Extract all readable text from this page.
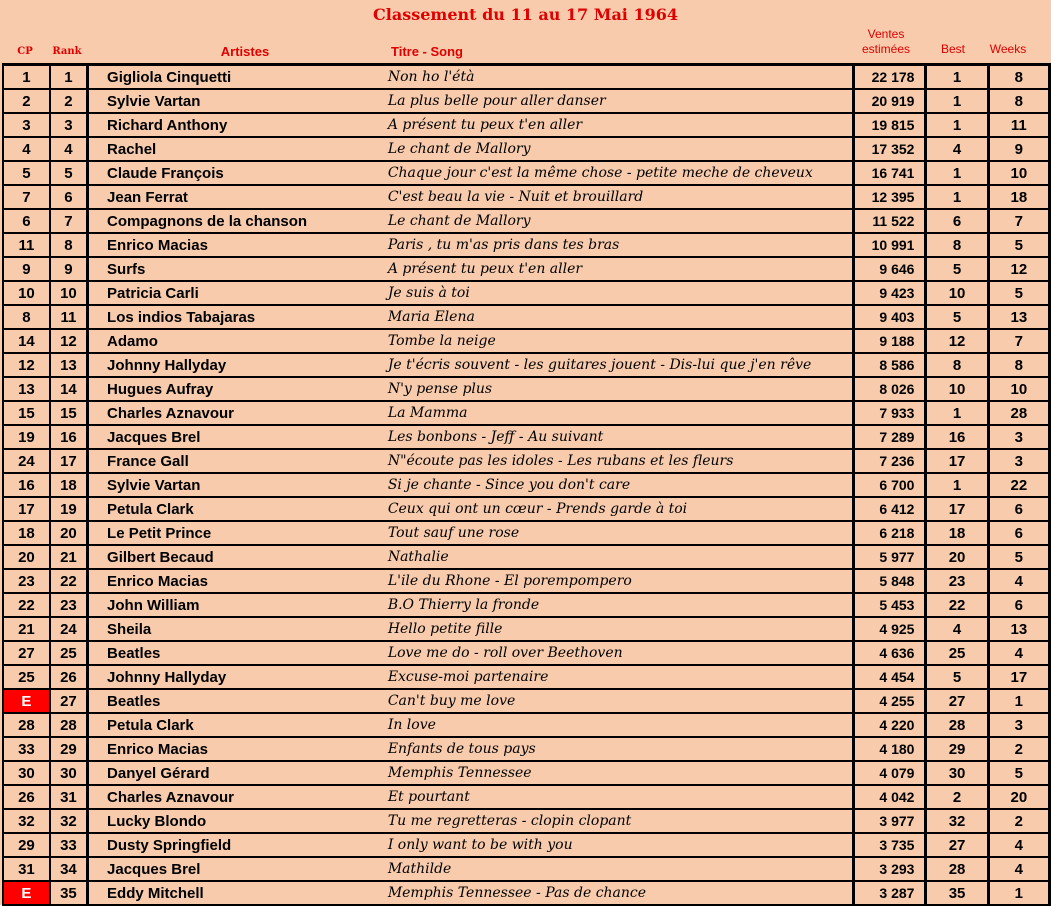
Classement du 11 au 17 Mai 1964
CP	Rank	Artistes	Titre - Song
Ventes
estimées	Best	Weeks
1	1	Gigliola Cinquetti	Non ho l'étà	22 178	1	8
2	2	Sylvie Vartan	La plus belle pour aller danser	20 919	1	8
3	3	Richard Anthony	A présent tu peux t'en aller	19 815	1	11
4	4	Rachel	Le chant de Mallory	17 352	4	9
5	5	Claude François	Chaque jour c'est la même chose - petite meche de cheveux	16 741	1	10
7	6	Jean Ferrat	C'est beau la vie - Nuit et brouillard	12 395	1	18
6	7	Compagnons de la chanson	Le chant de Mallory	11 522	6	7
11	8	Enrico Macias	Paris , tu m'as pris dans tes bras	10 991	8	5
9	9	Surfs	A présent tu peux t'en aller	9 646	5	12
10	10	Patricia Carli	Je suis à toi	9 423	10	5
8	11	Los indios Tabajaras	Maria Elena	9 403	5	13
14	12	Adamo	Tombe la neige	9 188	12	7
12	13	Johnny Hallyday	Je t'écris souvent - les guitares jouent - Dis-lui que j'en rêve	8 586	8	8
13	14	Hugues Aufray	N'y pense plus	8 026	10	10
15	15	Charles Aznavour	La Mamma	7 933	1	28
19	16	Jacques Brel	Les bonbons - Jeff - Au suivant	7 289	16	3
24	17	France Gall	N"écoute pas les idoles - Les rubans et les fleurs	7 236	17	3
16	18	Sylvie Vartan	Si je chante - Since you don't care	6 700	1	22
17	19	Petula Clark	Ceux qui ont un cœur - Prends garde à toi	6 412	17	6
18	20	Le Petit Prince	Tout sauf une rose	6 218	18	6
20	21	Gilbert Becaud	Nathalie	5 977	20	5
23	22	Enrico Macias	L'ile du Rhone - El porempompero	5 848	23	4
22	23	John William	B.O Thierry la fronde	5 453	22	6
21	24	Sheila	Hello petite fille	4 925	4	13
27	25	Beatles	Love me do - roll over Beethoven	4 636	25	4
25	26	Johnny Hallyday	Excuse-moi partenaire	4 454	5	17
E	27	Beatles	Can't buy me love	4 255	27	1
28	28	Petula Clark	In love	4 220	28	3
33	29	Enrico Macias	Enfants de tous pays	4 180	29	2
30	30	Danyel Gérard	Memphis Tennessee	4 079	30	5
26	31	Charles Aznavour	Et pourtant	4 042	2	20
32	32	Lucky Blondo	Tu me regretteras - clopin clopant	3 977	32	2
29	33	Dusty Springfield	I only want to be with you	3 735	27	4
31	34	Jacques Brel	Mathilde	3 293	28	4
E	35	Eddy Mitchell	Memphis Tennessee - Pas de chance	3 287	35	1
